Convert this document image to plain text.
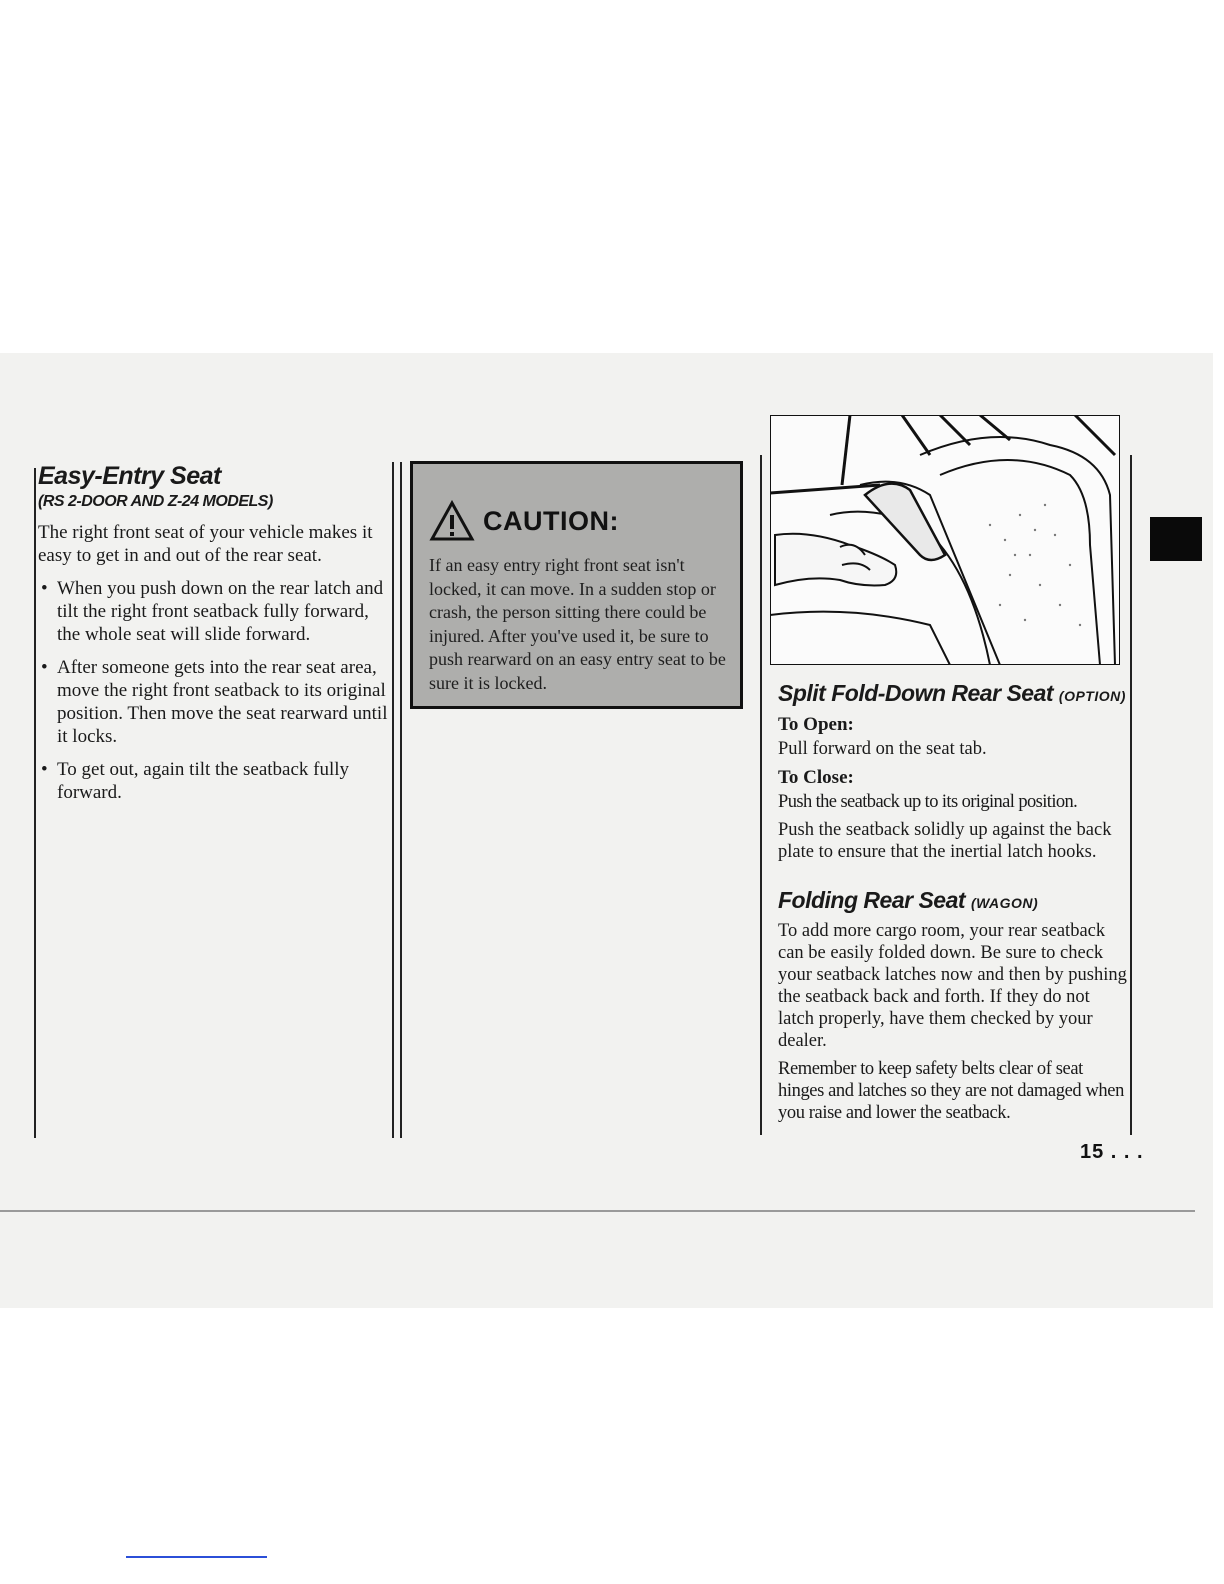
Easy-Entry Seat
(RS 2-DOOR AND Z-24 MODELS)

The right front seat of your vehicle makes it easy to get in and out of the rear seat.

• When you push down on the rear latch and tilt the right front seatback fully forward, the whole seat will slide forward.
• After someone gets into the rear seat area, move the right front seatback to its original position. Then move the seat rearward until it locks.
• To get out, again tilt the seatback fully forward.
CAUTION:

If an easy entry right front seat isn't locked, it can move. In a sudden stop or crash, the person sitting there could be injured. After you've used it, be sure to push rearward on an easy entry seat to be sure it is locked.	Split Fold-Down Rear Seat (OPTION)
To Open:

Pull forward on the seat tab.

To Close:

Push the seatback up to its original position.

Push the seatback solidly up against the back plate to ensure that the inertial latch hooks.

Folding Rear Seat (WAGON)

To add more cargo room, your rear seatback can be easily folded down. Be sure to check your seatback latches now and then by pushing the seatback back and forth. If they do not latch properly, have them checked by your dealer.

Remember to keep safety belts clear of seat hinges and latches so they are not damaged when you raise and lower the seatback.

15 . . .
